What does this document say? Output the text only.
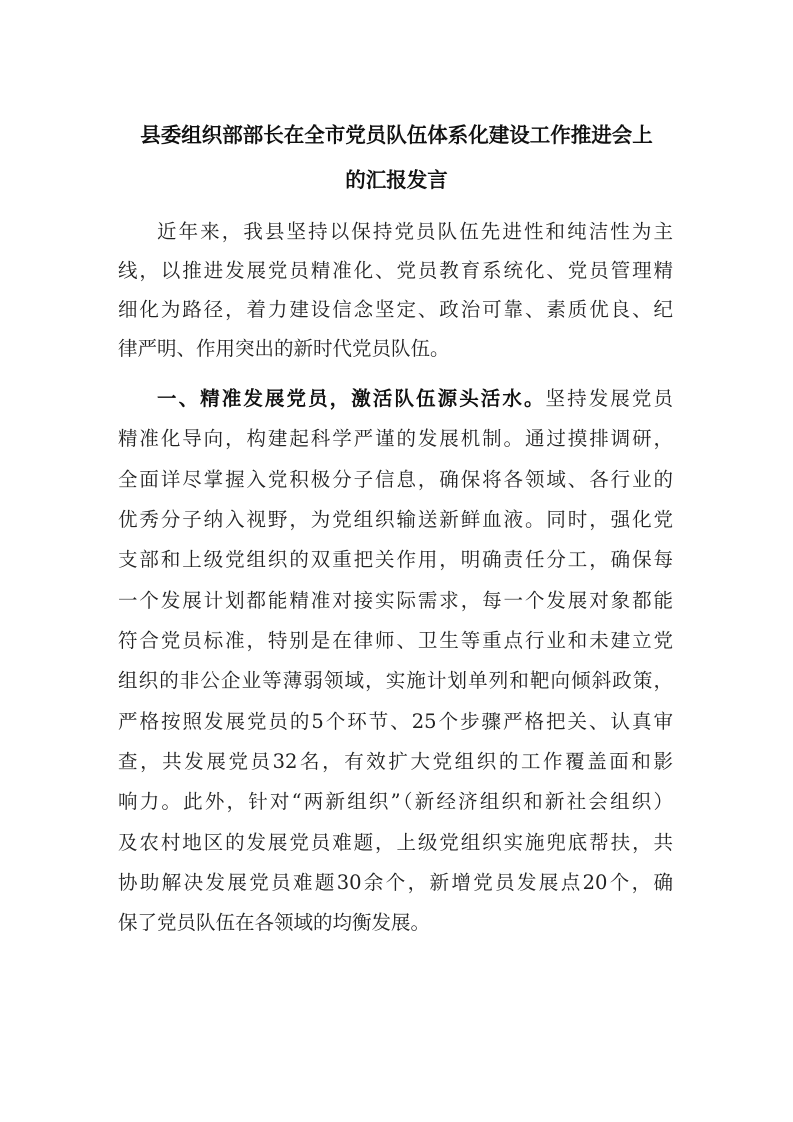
县委组织部部长在全市党员队伍体系化建设工作推进会上
的汇报发言
近年来，我县坚持以保持党员队伍先进性和纯洁性为主
线，以推进发展党员精准化、党员教育系统化、党员管理精
细化为路径，着力建设信念坚定、政治可靠、素质优良、纪
律严明、作用突出的新时代党员队伍。
一、精准发展党员，激活队伍源头活水。坚持发展党员
精准化导向，构建起科学严谨的发展机制。通过摸排调研，
全面详尽掌握入党积极分子信息，确保将各领域、各行业的
优秀分子纳入视野，为党组织输送新鲜血液。同时，强化党
支部和上级党组织的双重把关作用，明确责任分工，确保每
一个发展计划都能精准对接实际需求，每一个发展对象都能
符合党员标准，特别是在律师、卫生等重点行业和未建立党
组织的非公企业等薄弱领域，实施计划单列和靶向倾斜政策，
严格按照发展党员的5个环节、25个步骤严格把关、认真审
查，共发展党员32名，有效扩大党组织的工作覆盖面和影
响力。此外，针对“两新组织”（新经济组织和新社会组织）
及农村地区的发展党员难题，上级党组织实施兜底帮扶，共
协助解决发展党员难题30余个，新增党员发展点20个，确
保了党员队伍在各领域的均衡发展。
